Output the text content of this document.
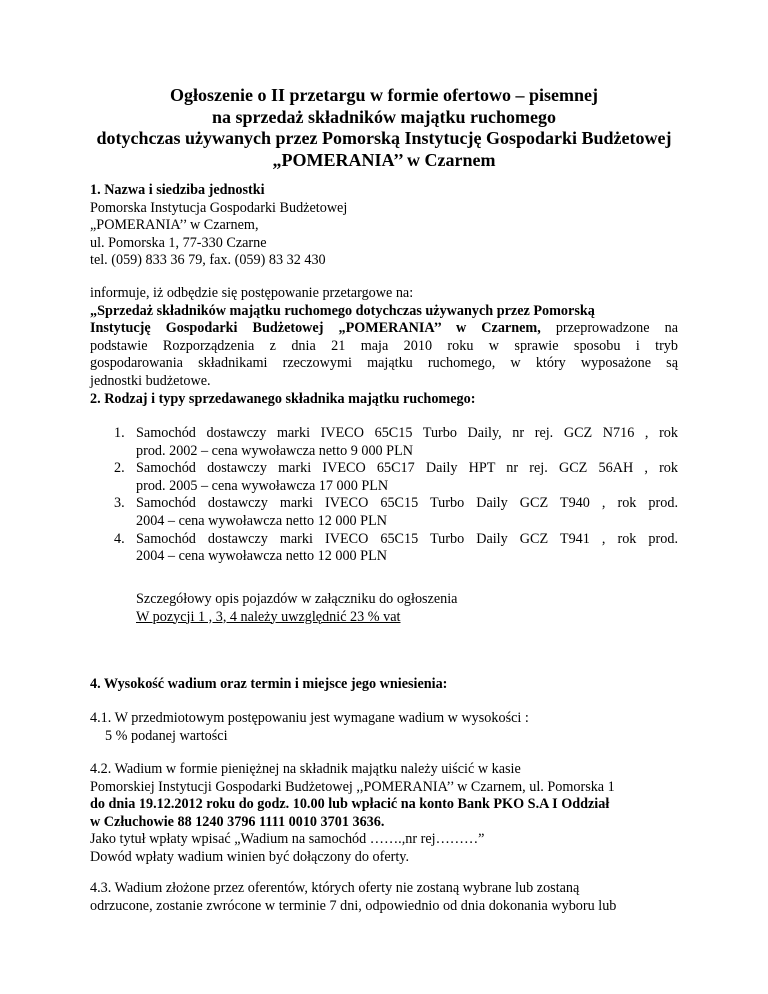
Ogłoszenie o II przetargu w formie ofertowo – pisemnej
na sprzedaż składników majątku ruchomego
dotychczas używanych przez Pomorską Instytucję Gospodarki Budżetowej
„POMERANIA’’ w Czarnem
1. Nazwa i siedziba jednostki
Pomorska Instytucja Gospodarki Budżetowej
„POMERANIA’’ w Czarnem,
ul. Pomorska 1, 77-330 Czarne
tel. (059) 833 36 79, fax. (059) 83 32 430
informuje, iż odbędzie się postępowanie przetargowe na:
„Sprzedaż składników majątku ruchomego dotychczas używanych przez Pomorską
Instytucję Gospodarki Budżetowej „POMERANIA’’ w Czarnem, przeprowadzone na
podstawie Rozporządzenia z dnia 21 maja 2010 roku w sprawie sposobu i tryb
gospodarowania składnikami rzeczowymi majątku ruchomego, w który wyposażone są
jednostki budżetowe.
2. Rodzaj i typy sprzedawanego składnika majątku ruchomego:
1. Samochód dostawczy marki IVECO 65C15 Turbo Daily, nr rej. GCZ N716 , rok
prod. 2002 – cena wywoławcza netto 9 000 PLN
2. Samochód dostawczy marki IVECO 65C17 Daily HPT nr rej. GCZ 56AH , rok
prod. 2005 – cena wywoławcza 17 000 PLN
3. Samochód dostawczy marki IVECO 65C15 Turbo Daily GCZ T940 , rok prod.
2004 – cena wywoławcza netto 12 000 PLN
4. Samochód dostawczy marki IVECO 65C15 Turbo Daily GCZ T941 , rok prod.
2004 – cena wywoławcza netto 12 000 PLN
Szczegółowy opis pojazdów w załączniku do ogłoszenia
W pozycji 1 , 3, 4 należy uwzględnić 23 % vat
4. Wysokość wadium oraz termin i miejsce jego wniesienia:
4.1. W przedmiotowym postępowaniu jest wymagane wadium w wysokości :
5 % podanej wartości
4.2. Wadium w formie pieniężnej na składnik majątku należy uiścić w kasie
Pomorskiej Instytucji Gospodarki Budżetowej ,,POMERANIA’’ w Czarnem, ul. Pomorska 1
do dnia 19.12.2012 roku do godz. 10.00 lub wpłacić na konto Bank PKO S.A I Oddział
w Człuchowie 88 1240 3796 1111 0010 3701 3636.
Jako tytuł wpłaty wpisać „Wadium na samochód …….,nr rej………”
Dowód wpłaty wadium winien być dołączony do oferty.
4.3. Wadium złożone przez oferentów, których oferty nie zostaną wybrane lub zostaną
odrzucone, zostanie zwrócone w terminie 7 dni, odpowiednio od dnia dokonania wyboru lub
